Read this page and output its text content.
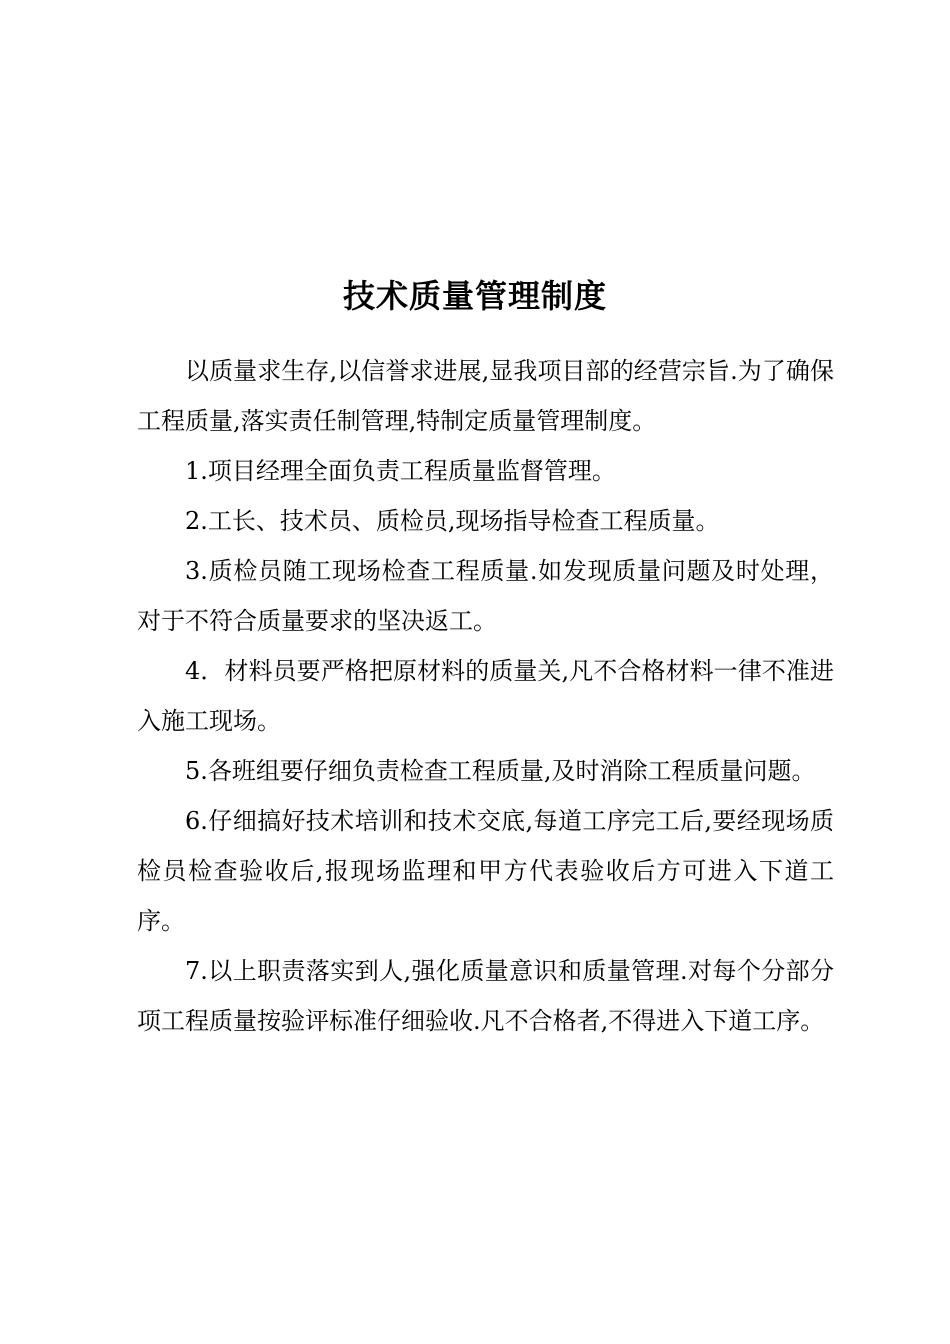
技术质量管理制度

以质量求生存,以信誉求进展,显我项目部的经营宗旨.为了确保工程质量,落实责任制管理,特制定质量管理制度。

1.项目经理全面负责工程质量监督管理。

2.工长、技术员、质检员,现场指导检查工程质量。

3.质检员随工现场检查工程质量.如发现质量问题及时处理，对于不符合质量要求的坚决返工。

4．材料员要严格把原材料的质量关,凡不合格材料一律不准进入施工现场。

5.各班组要仔细负责检查工程质量,及时消除工程质量问题。

6.仔细搞好技术培训和技术交底,每道工序完工后,要经现场质检员检查验收后,报现场监理和甲方代表验收后方可进入下道工序。

7.以上职责落实到人,强化质量意识和质量管理.对每个分部分项工程质量按验评标准仔细验收.凡不合格者,不得进入下道工序。
